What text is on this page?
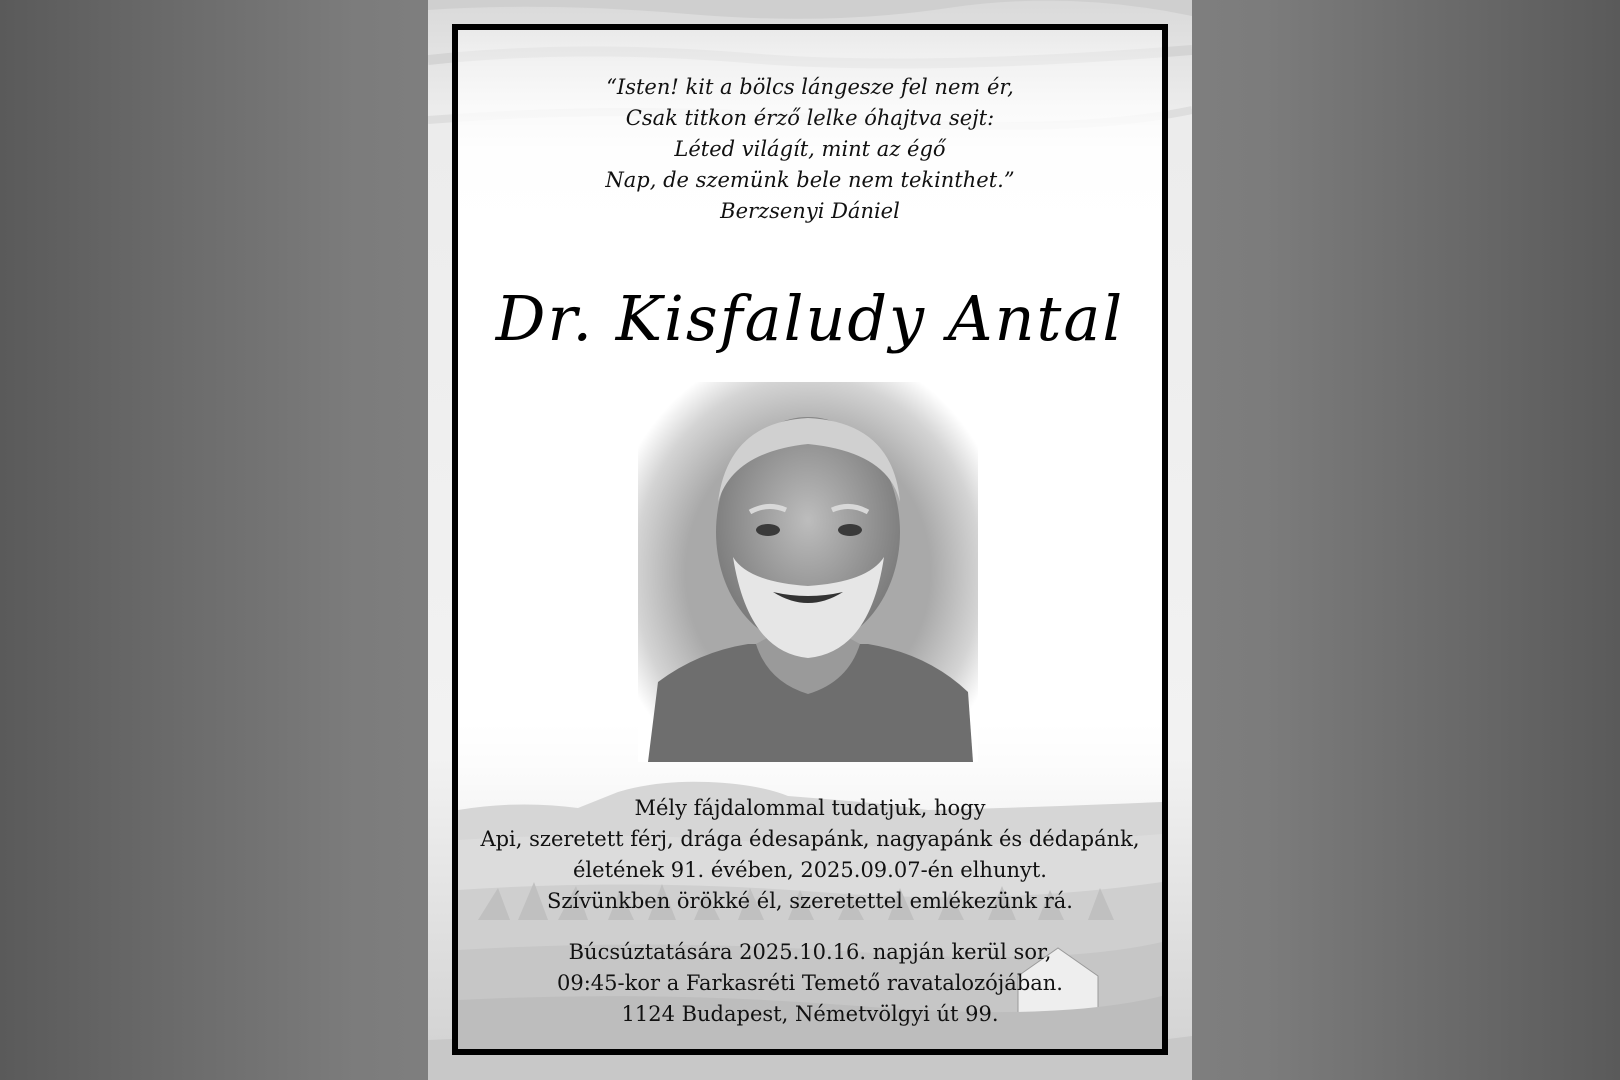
“Isten! kit a bölcs lángesze fel nem ér,
Csak titkon érző lelke óhajtva sejt:
Léted világít, mint az égő
Nap, de szemünk bele nem tekinthet.”
Berzsenyi Dániel
Dr. Kisfaludy Antal
Mély fájdalommal tudatjuk, hogy
Api, szeretett férj, drága édesapánk, nagyapánk és dédapánk,
életének 91. évében, 2025.09.07-én elhunyt.
Szívünkben örökké él, szeretettel emlékezünk rá.
Búcsúztatására 2025.10.16. napján kerül sor,
09:45-kor a Farkasréti Temető ravatalozójában.
1124 Budapest, Németvölgyi út 99.
